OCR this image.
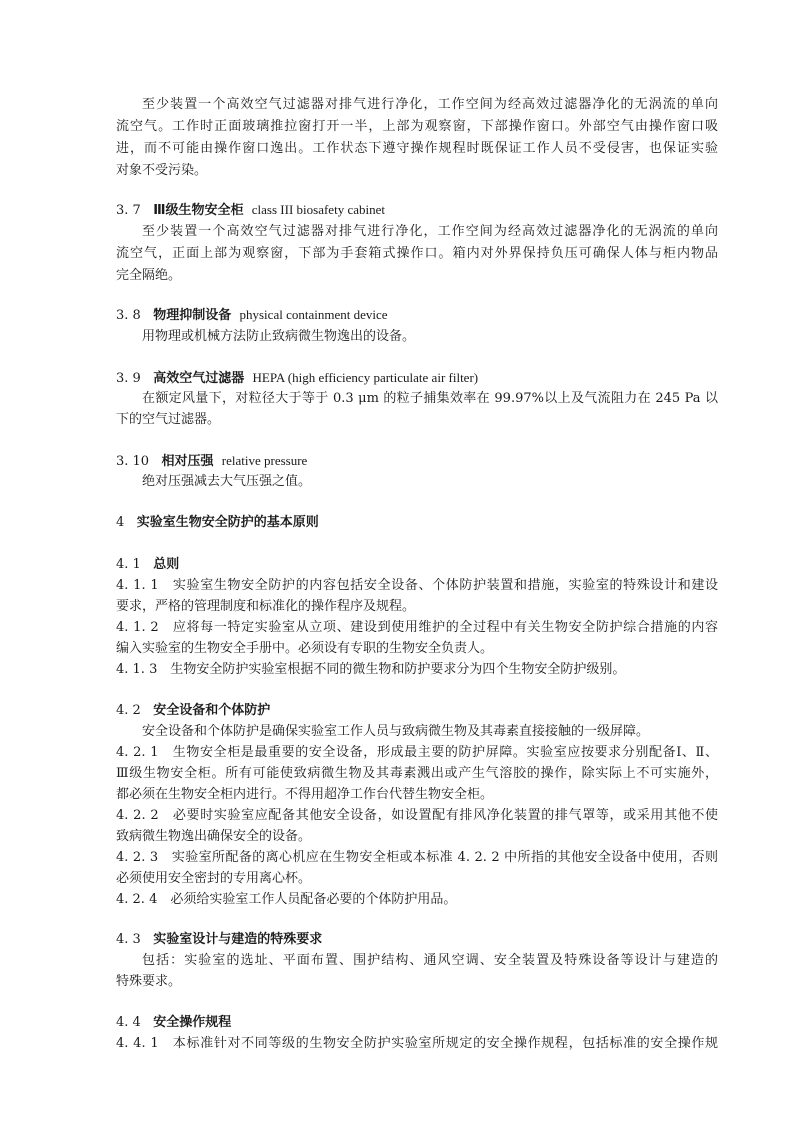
至少装置一个高效空气过滤器对排气进行净化，工作空间为经高效过滤器净化的无涡流的单向
流空气。工作时正面玻璃推拉窗打开一半，上部为观察窗，下部操作窗口。外部空气由操作窗口吸
进，而不可能由操作窗口逸出。工作状态下遵守操作规程时既保证工作人员不受侵害，也保证实验
对象不受污染。
3. 7 Ⅲ级生物安全柜 class III biosafety cabinet
至少装置一个高效空气过滤器对排气进行净化，工作空间为经高效过滤器净化的无涡流的单向
流空气，正面上部为观察窗，下部为手套箱式操作口。箱内对外界保持负压可确保人体与柜内物品
完全隔绝。
3. 8 物理抑制设备 physical containment device
用物理或机械方法防止致病微生物逸出的设备。
3. 9 高效空气过滤器 HEPA (high efficiency particulate air filter)
在额定风量下，对粒径大于等于 0.3 μm 的粒子捕集效率在 99.97%以上及气流阻力在 245 Pa 以
下的空气过滤器。
3. 10 相对压强 relative pressure
绝对压强减去大气压强之值。
4 实验室生物安全防护的基本原则
4. 1 总则
4. 1. 1　实验室生物安全防护的内容包括安全设备、个体防护装置和措施，实验室的特殊设计和建设
要求，严格的管理制度和标准化的操作程序及规程。
4. 1. 2　应将每一特定实验室从立项、建设到使用维护的全过程中有关生物安全防护综合措施的内容
编入实验室的生物安全手册中。必须设有专职的生物安全负责人。
4. 1. 3　生物安全防护实验室根据不同的微生物和防护要求分为四个生物安全防护级别。
4. 2 安全设备和个体防护
安全设备和个体防护是确保实验室工作人员与致病微生物及其毒素直接接触的一级屏障。
4. 2. 1　生物安全柜是最重要的安全设备，形成最主要的防护屏障。实验室应按要求分别配备Ⅰ、Ⅱ、
Ⅲ级生物安全柜。所有可能使致病微生物及其毒素溅出或产生气溶胶的操作，除实际上不可实施外，
都必须在生物安全柜内进行。不得用超净工作台代替生物安全柜。
4. 2. 2　必要时实验室应配备其他安全设备，如设置配有排风净化装置的排气罩等，或采用其他不使
致病微生物逸出确保安全的设备。
4. 2. 3　实验室所配备的离心机应在生物安全柜或本标准 4. 2. 2 中所指的其他安全设备中使用，否则
必须使用安全密封的专用离心杯。
4. 2. 4　必须给实验室工作人员配备必要的个体防护用品。
4. 3 实验室设计与建造的特殊要求
包括：实验室的选址、平面布置、围护结构、通风空调、安全装置及特殊设备等设计与建造的
特殊要求。
4. 4 安全操作规程
4. 4. 1　本标准针对不同等级的生物安全防护实验室所规定的安全操作规程，包括标准的安全操作规
